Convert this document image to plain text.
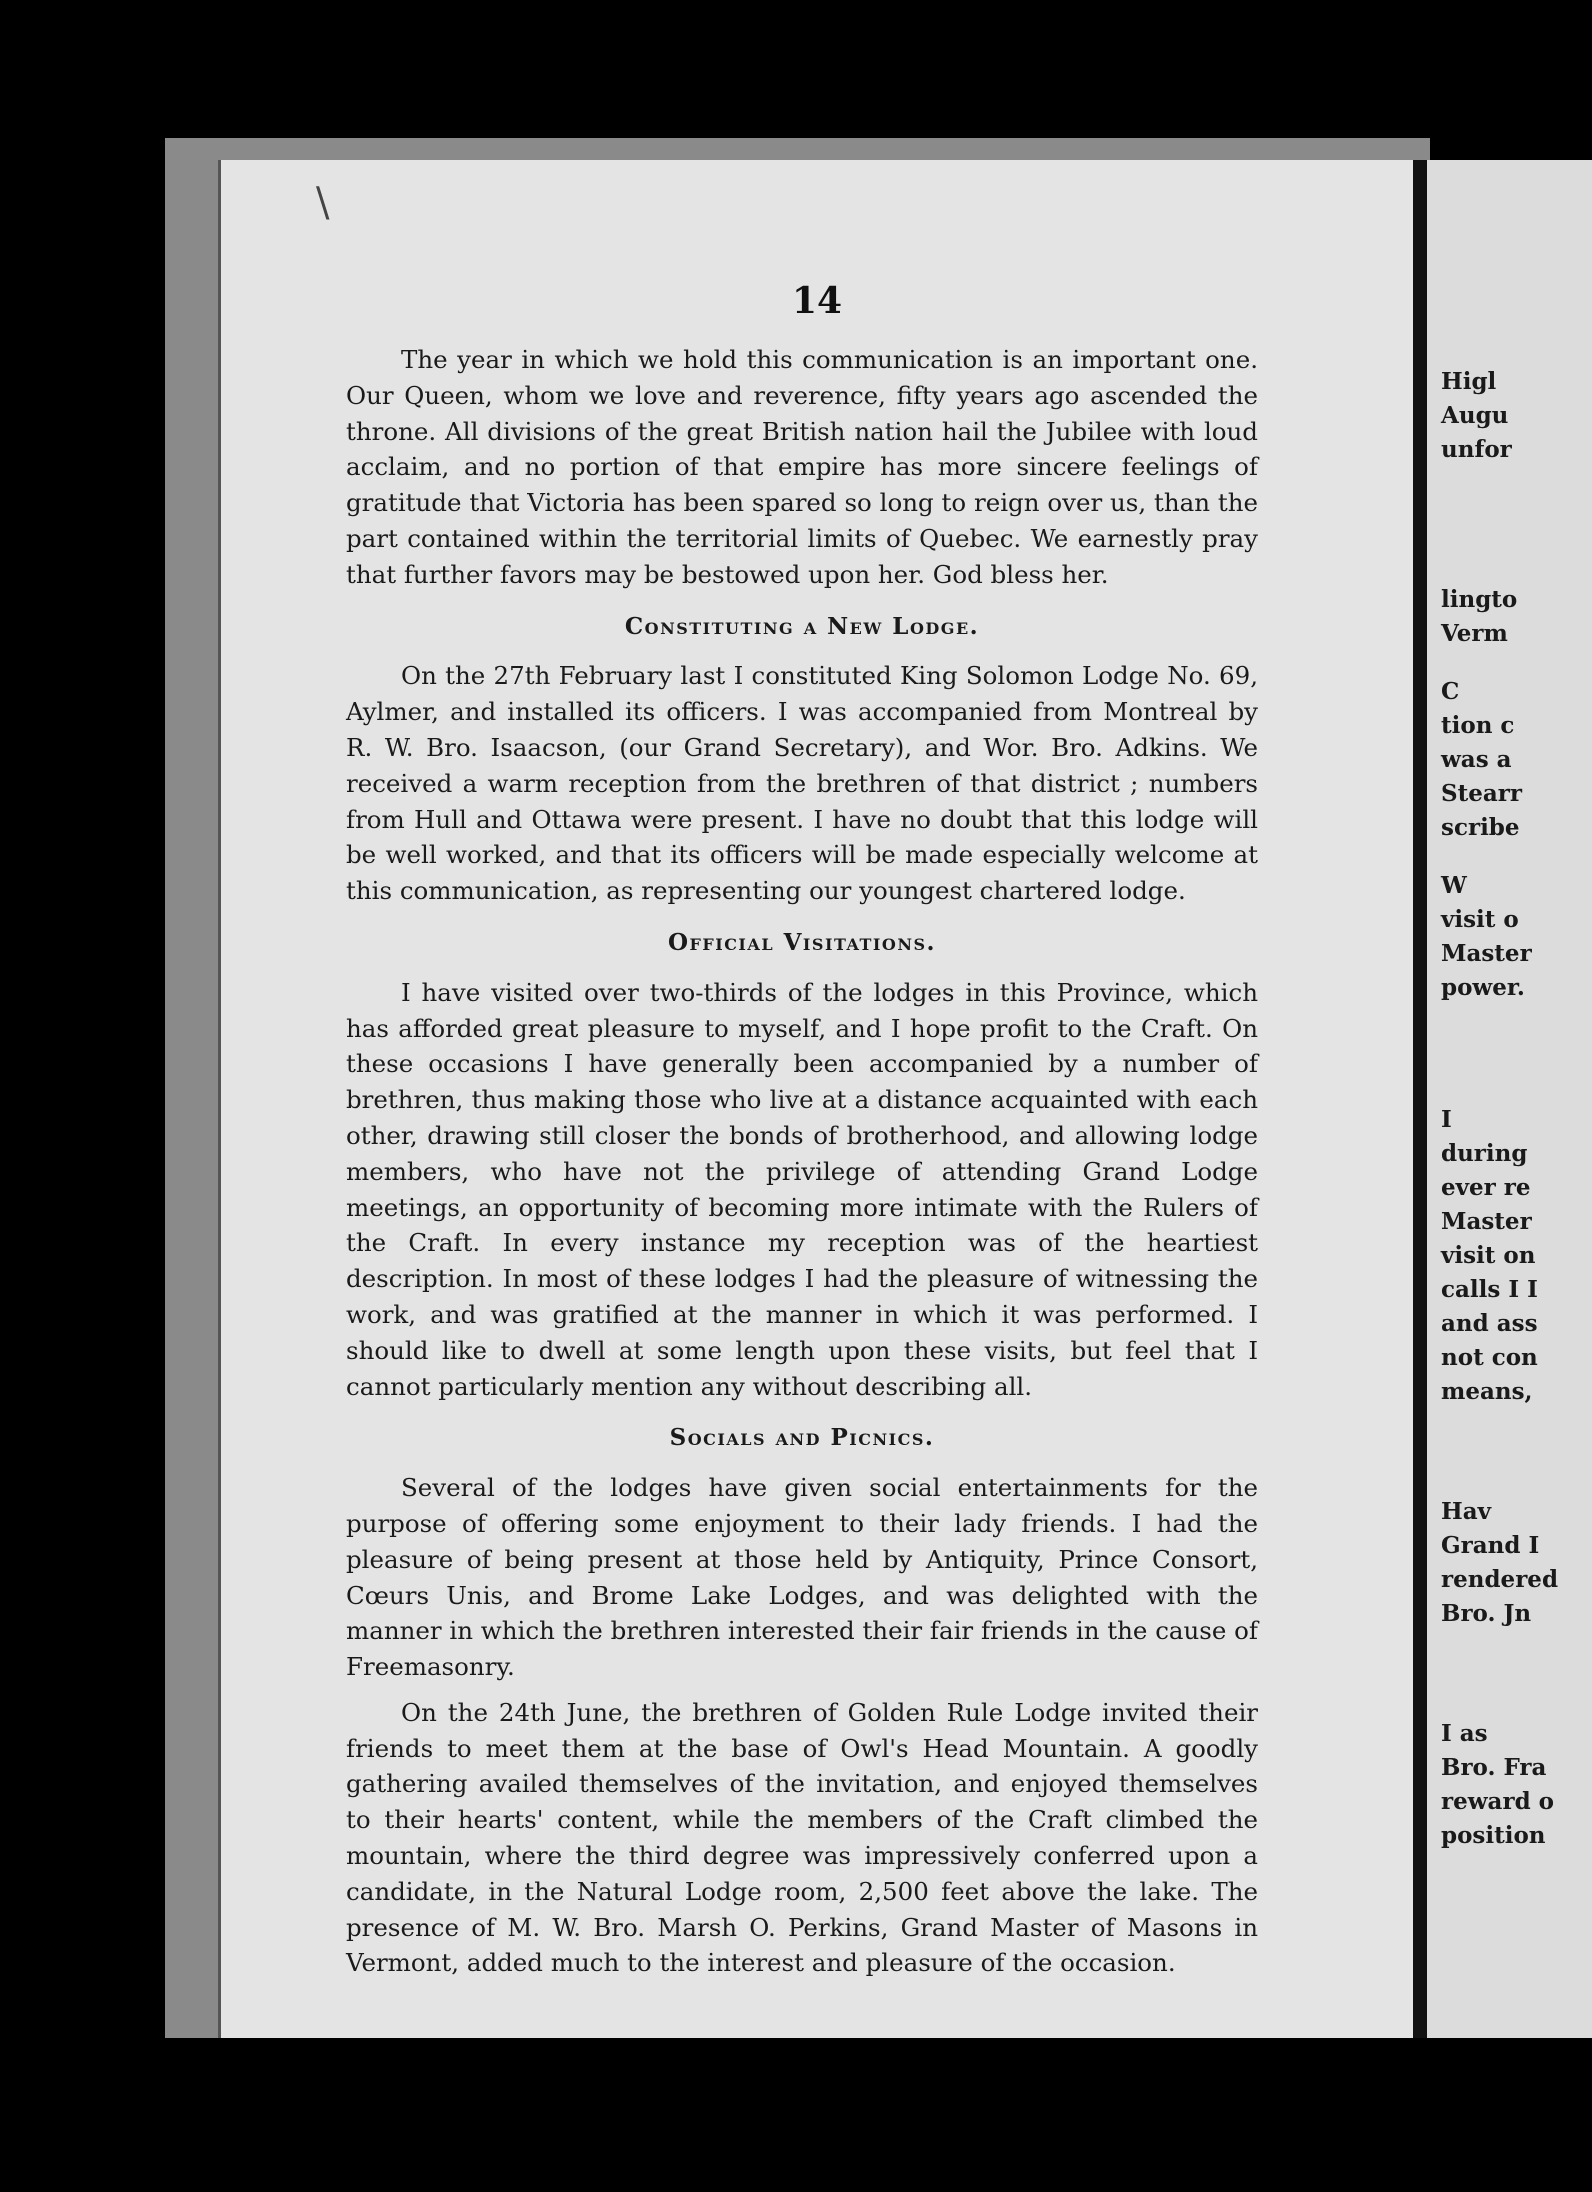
14

The year in which we hold this communication is an important one. Our Queen, whom we love and reverence, fifty years ago ascended the throne. All divisions of the great British nation hail the Jubilee with loud acclaim, and no portion of that empire has more sincere feelings of gratitude that Victoria has been spared so long to reign over us, than the part contained within the territorial limits of Quebec. We earnestly pray that further favors may be bestowed upon her. God bless her.

Constituting a New Lodge.

On the 27th February last I constituted King Solomon Lodge No. 69, Aylmer, and installed its officers. I was accompanied from Montreal by R. W. Bro. Isaacson, (our Grand Secretary), and Wor. Bro. Adkins. We received a warm reception from the brethren of that district ; numbers from Hull and Ottawa were present. I have no doubt that this lodge will be well worked, and that its officers will be made especially welcome at this communication, as representing our youngest chartered lodge.

Official Visitations.

I have visited over two-thirds of the lodges in this Province, which has afforded great pleasure to myself, and I hope profit to the Craft. On these occasions I have generally been accompanied by a number of brethren, thus making those who live at a distance acquainted with each other, drawing still closer the bonds of brotherhood, and allowing lodge members, who have not the privilege of attending Grand Lodge meetings, an opportunity of becoming more intimate with the Rulers of the Craft. In every instance my reception was of the heartiest description. In most of these lodges I had the pleasure of witnessing the work, and was gratified at the manner in which it was performed. I should like to dwell at some length upon these visits, but feel that I cannot particularly mention any without describing all.

Socials and Picnics.

Several of the lodges have given social entertainments for the purpose of offering some enjoyment to their lady friends. I had the pleasure of being present at those held by Antiquity, Prince Consort, Cœurs Unis, and Brome Lake Lodges, and was delighted with the manner in which the brethren interested their fair friends in the cause of Freemasonry.

On the 24th June, the brethren of Golden Rule Lodge invited their friends to meet them at the base of Owl's Head Mountain. A goodly gathering availed themselves of the invitation, and enjoyed themselves to their hearts' content, while the members of the Craft climbed the mountain, where the third degree was impressively conferred upon a candidate, in the Natural Lodge room, 2,500 feet above the lake. The presence of M. W. Bro. Marsh O. Perkins, Grand Master of Masons in Vermont, added much to the interest and pleasure of the occasion.

\
Higl
Augu
unfor
lingto
Verm
C
tion c
was a
Stearr
scribe
W
visit o
Master
power.
I
during
ever re
Master
visit on
calls I I
and ass
not con
means,
Hav
Grand I
rendered
Bro. Jn
I as
Bro. Fra
reward o
position
